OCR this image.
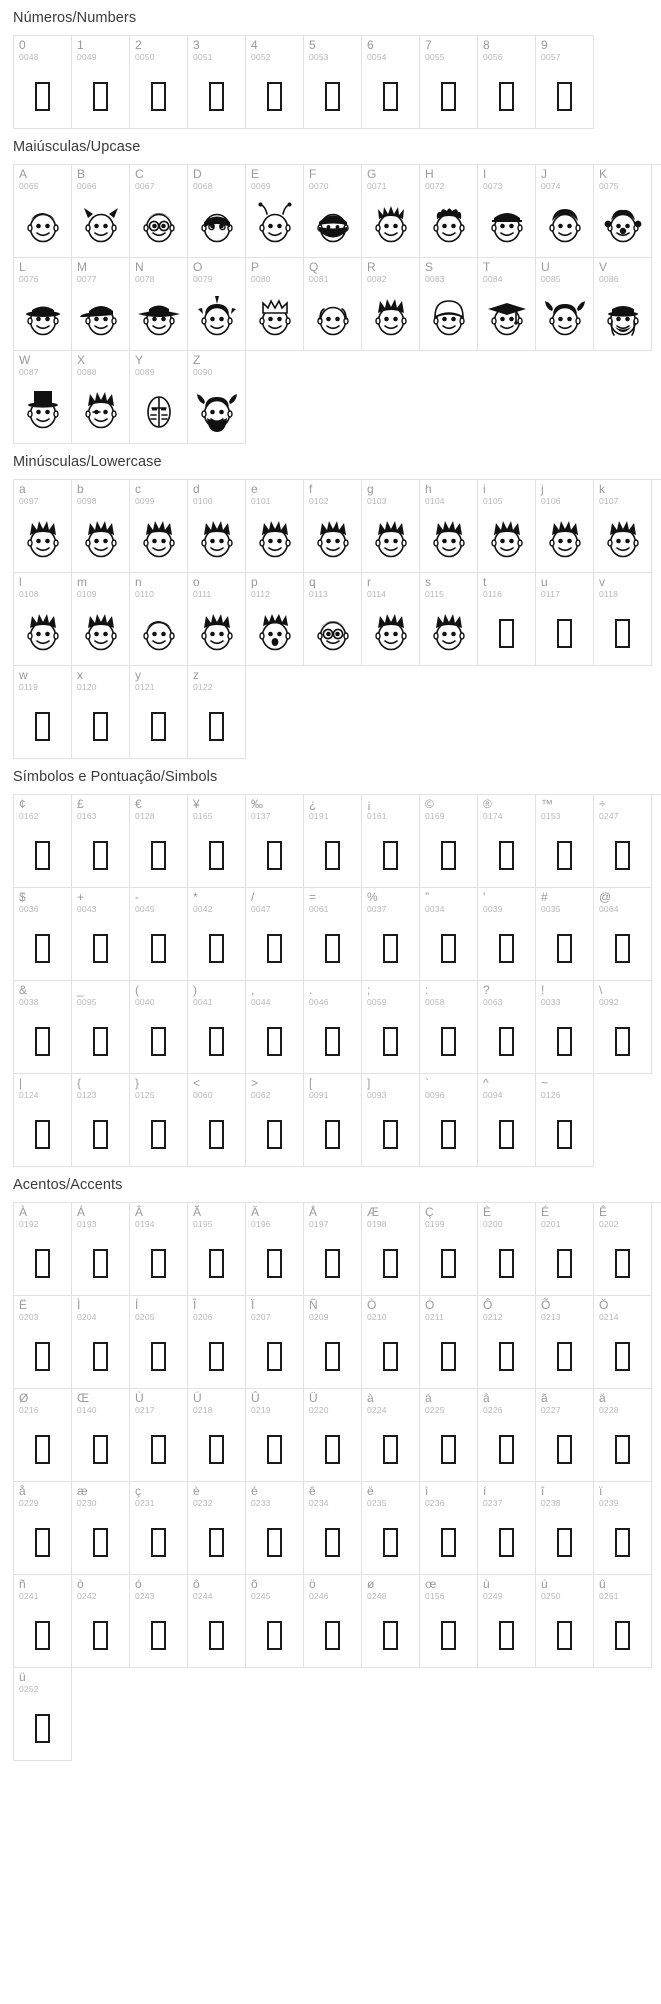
Números/Numbers
0
0048
1
0049
2
0050
3
0051
4
0052
5
0053
6
0054
7
0055
8
0056
9
0057
Maiúsculas/Upcase
A
0065
B
0066
C
0067
D
0068
E
0069
F
0070
G
0071
H
0072
I
0073
J
0074
K
0075
L
0076
M
0077
N
0078
O
0079
P
0080
Q
0081
R
0082
S
0083
T
0084
U
0085
V
0086
W
0087
X
0088
Y
0089
Z
0090
Minúsculas/Lowercase
a
0097
b
0098
c
0099
d
0100
e
0101
f
0102
g
0103
h
0104
i
0105
j
0106
k
0107
l
0108
m
0109
n
0110
o
0111
p
0112
q
0113
r
0114
s
0115
t
0116
u
0117
v
0118
w
0119
x
0120
y
0121
z
0122
Símbolos e Pontuação/Simbols
¢
0162
£
0163
€
0128
¥
0165
‰
0137
¿
0191
¡
0161
©
0169
®
0174
™
0153
÷
0247
$
0036
+
0043
-
0045
*
0042
/
0047
=
0061
%
0037
”
0034
'
0039
#
0035
@
0064
&
0038
_
0095
(
0040
)
0041
,
0044
.
0046
;
0059
:
0058
?
0063
!
0033
\
0092
|
0124
{
0123
}
0125
<
0060
>
0062
[
0091
]
0093
`
0096
^
0094
~
0126
Acentos/Accents
À
0192
Á
0193
Â
0194
Ã
0195
Ä
0196
Å
0197
Æ
0198
Ç
0199
È
0200
É
0201
Ê
0202
Ë
0203
Ì
0204
Í
0205
Î
0206
Ï
0207
Ñ
0209
Ò
0210
Ó
0211
Ô
0212
Õ
0213
Ö
0214
Ø
0216
Œ
0140
Ù
0217
Ú
0218
Û
0219
Ü
0220
à
0224
á
0225
â
0226
ã
0227
ä
0228
å
0229
æ
0230
ç
0231
è
0232
é
0233
ê
0234
ë
0235
ì
0236
í
0237
î
0238
ï
0239
ñ
0241
ò
0242
ó
0243
ô
0244
õ
0245
ö
0246
ø
0248
œ
0156
ù
0249
ú
0250
û
0251
ü
0252
